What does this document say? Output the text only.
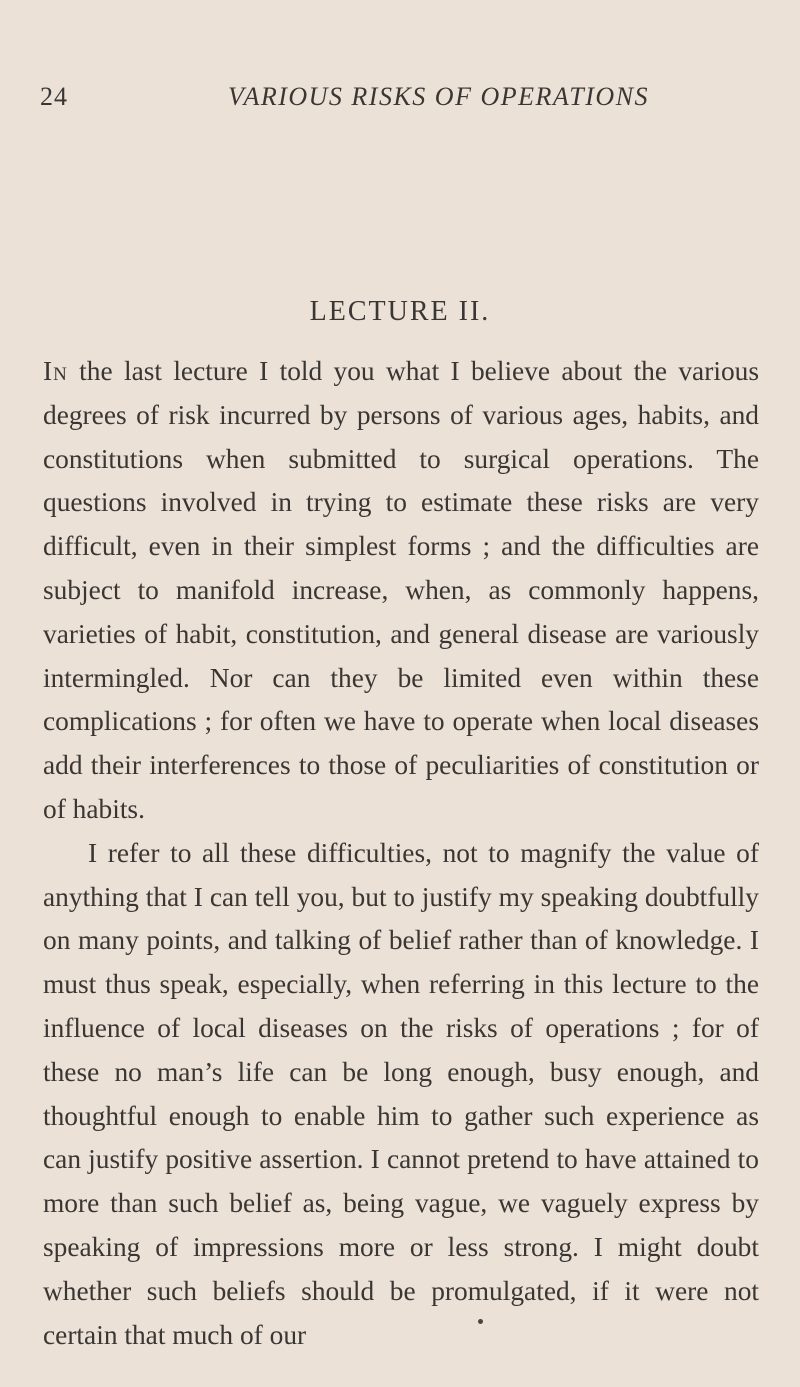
24	VARIOUS RISKS OF OPERATIONS
LECTURE II.

In the last lecture I told you what I believe about the various degrees of risk incurred by persons of various ages, habits, and constitutions when submitted to surgical operations. The questions involved in trying to estimate these risks are very difficult, even in their simplest forms ; and the difficulties are subject to manifold increase, when, as commonly happens, varieties of habit, constitution, and general disease are variously intermingled. Nor can they be limited even within these complications ; for often we have to operate when local diseases add their interferences to those of peculiarities of constitution or of habits.

I refer to all these difficulties, not to magnify the value of anything that I can tell you, but to justify my speaking doubtfully on many points, and talking of belief rather than of knowledge. I must thus speak, especially, when referring in this lecture to the influence of local diseases on the risks of operations ; for of these no man’s life can be long enough, busy enough, and thoughtful enough to enable him to gather such experience as can justify positive assertion. I cannot pretend to have attained to more than such belief as, being vague, we vaguely express by speaking of impressions more or less strong. I might doubt whether such beliefs should be promulgated, if it were not certain that much of our
